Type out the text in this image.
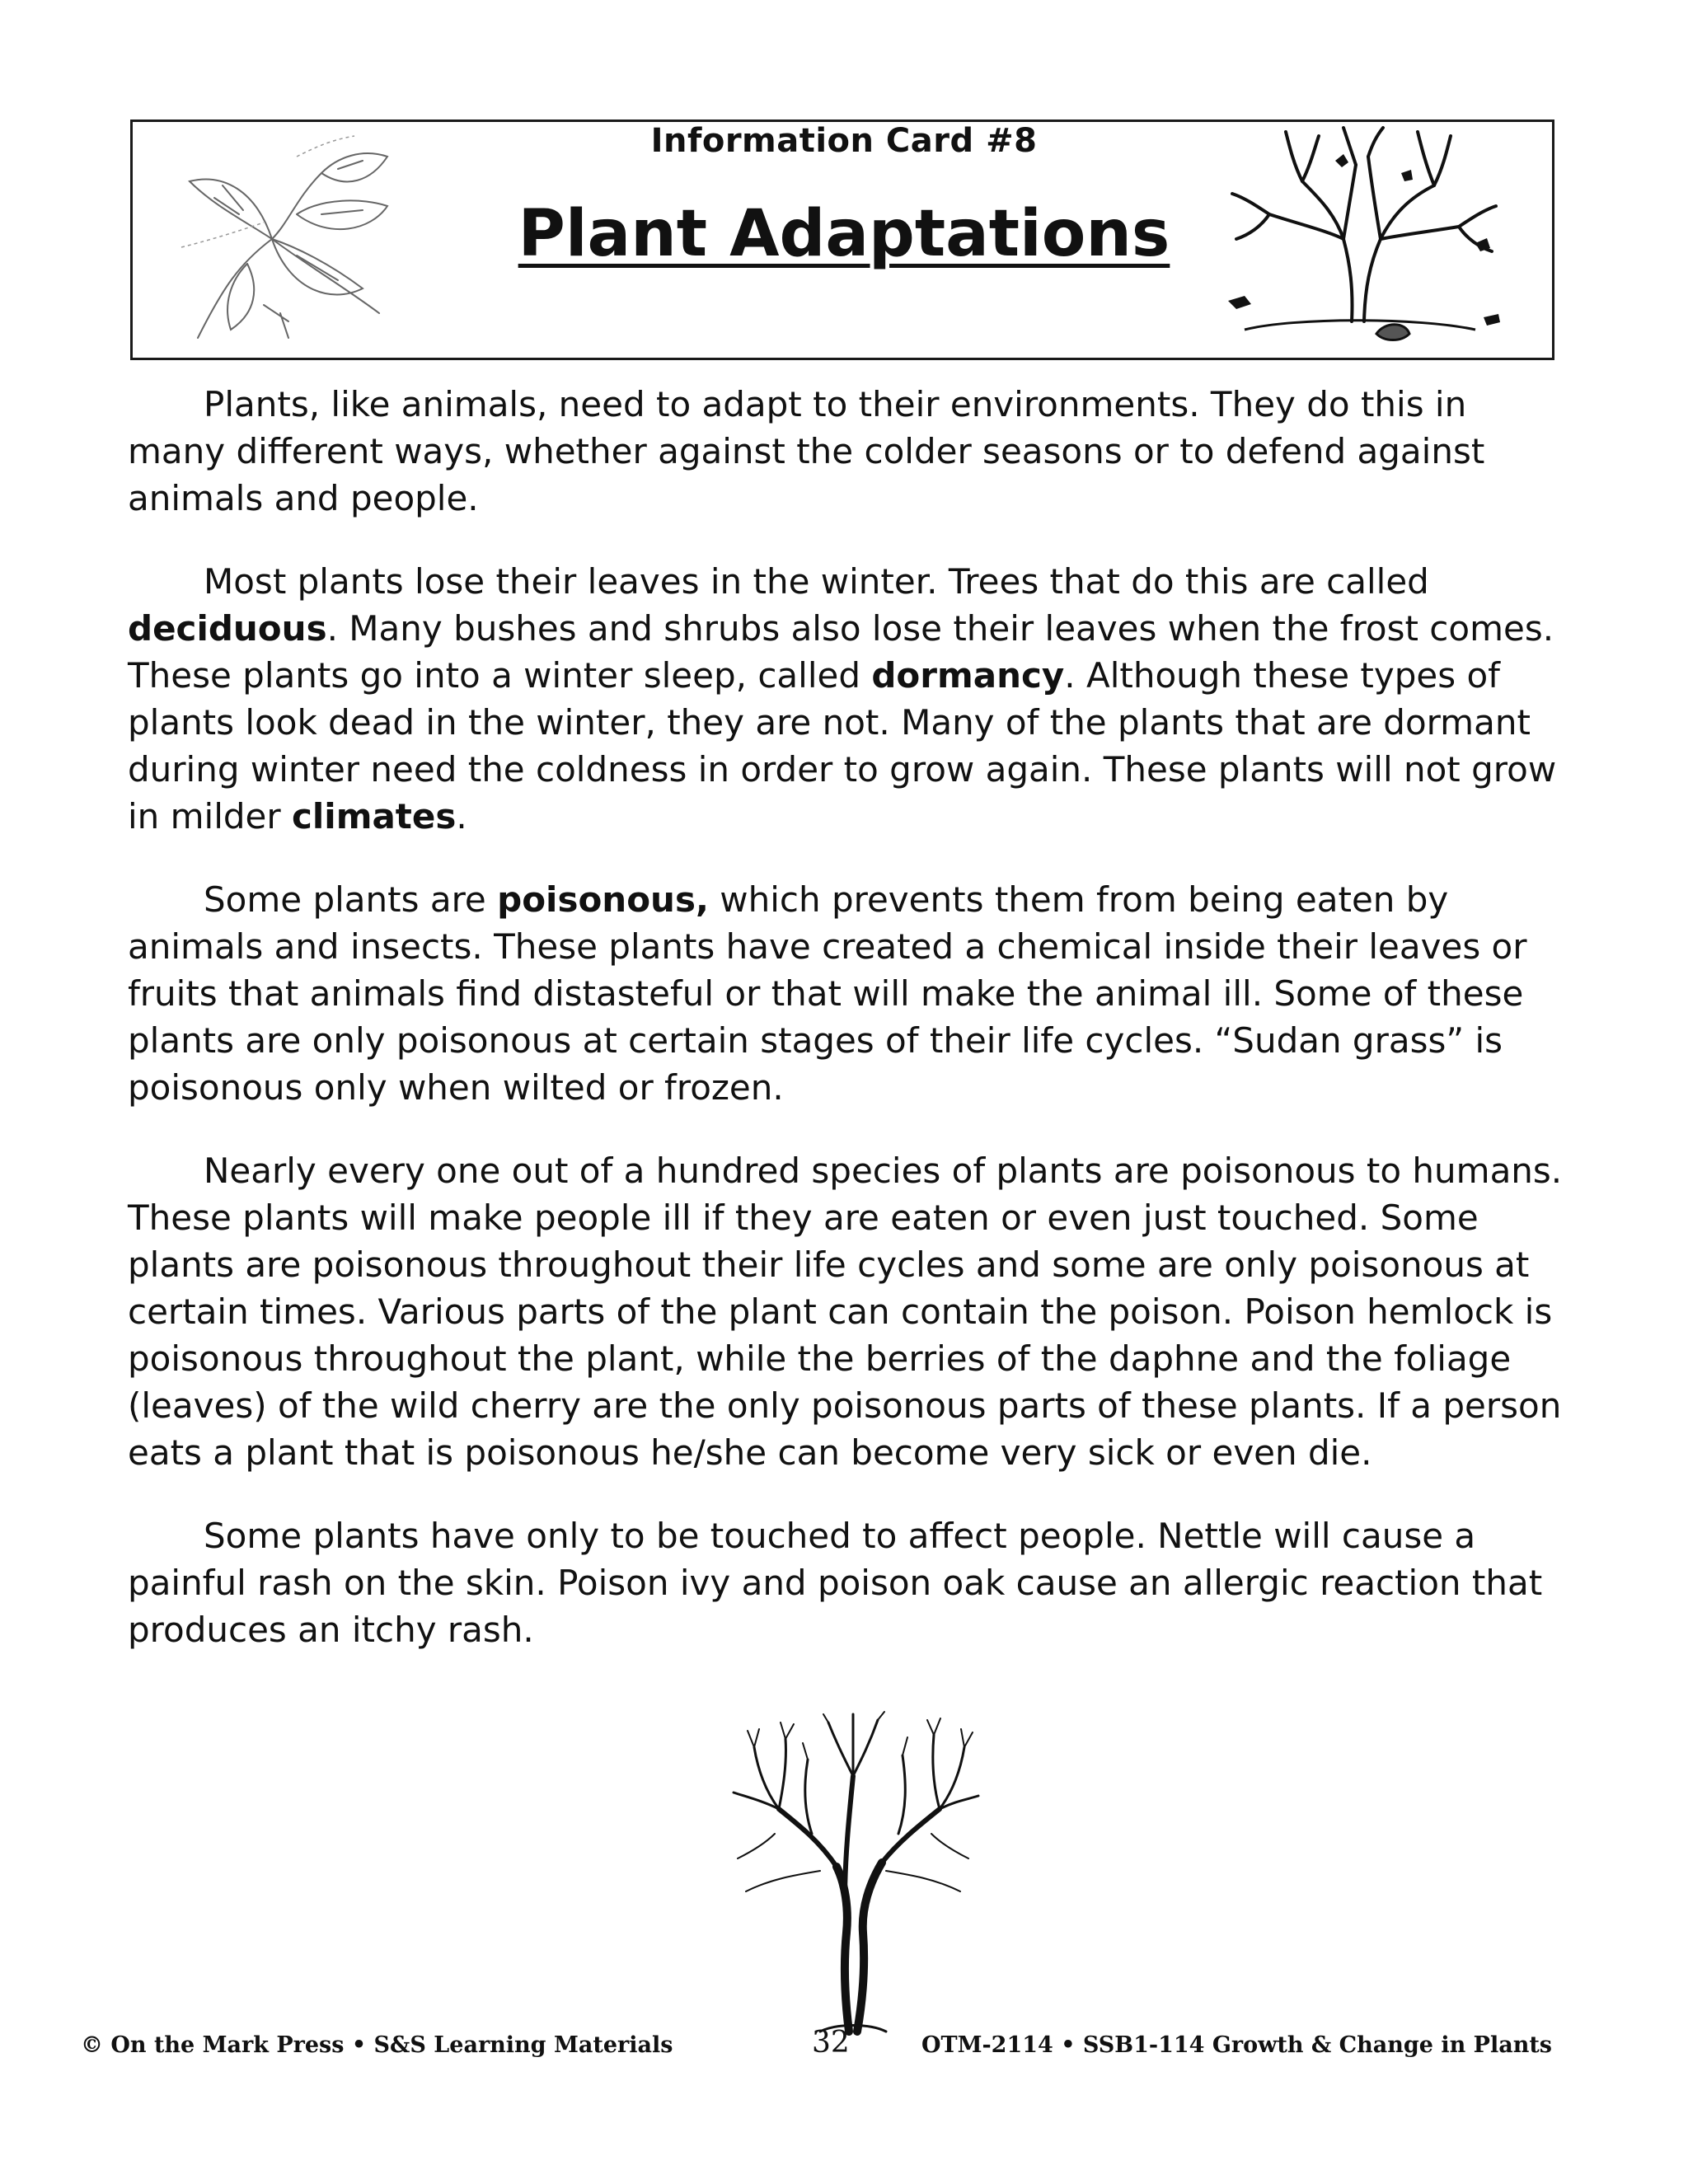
Information Card #8
Plant Adaptations

Plants, like animals, need to adapt to their environments. They do this in many different ways, whether against the colder seasons or to defend against animals and people.

Most plants lose their leaves in the winter. Trees that do this are called deciduous. Many bushes and shrubs also lose their leaves when the frost comes. These plants go into a winter sleep, called dormancy. Although these types of plants look dead in the winter, they are not. Many of the plants that are dormant during winter need the coldness in order to grow again. These plants will not grow in milder climates.

Some plants are poisonous, which prevents them from being eaten by animals and insects. These plants have created a chemical inside their leaves or fruits that animals find distasteful or that will make the animal ill. Some of these plants are only poisonous at certain stages of their life cycles. “Sudan grass” is poisonous only when wilted or frozen.

Nearly every one out of a hundred species of plants are poisonous to humans. These plants will make people ill if they are eaten or even just touched. Some plants are poisonous throughout their life cycles and some are only poisonous at certain times. Various parts of the plant can contain the poison. Poison hemlock is poisonous throughout the plant, while the berries of the daphne and the foliage (leaves) of the wild cherry are the only poisonous parts of these plants. If a person eats a plant that is poisonous he/she can become very sick or even die.

Some plants have only to be touched to affect people. Nettle will cause a painful rash on the skin. Poison ivy and poison oak cause an allergic reaction that produces an itchy rash.

© On the Mark Press • S&S Learning Materials	32	OTM-2114 • SSB1-114 Growth & Change in Plants
